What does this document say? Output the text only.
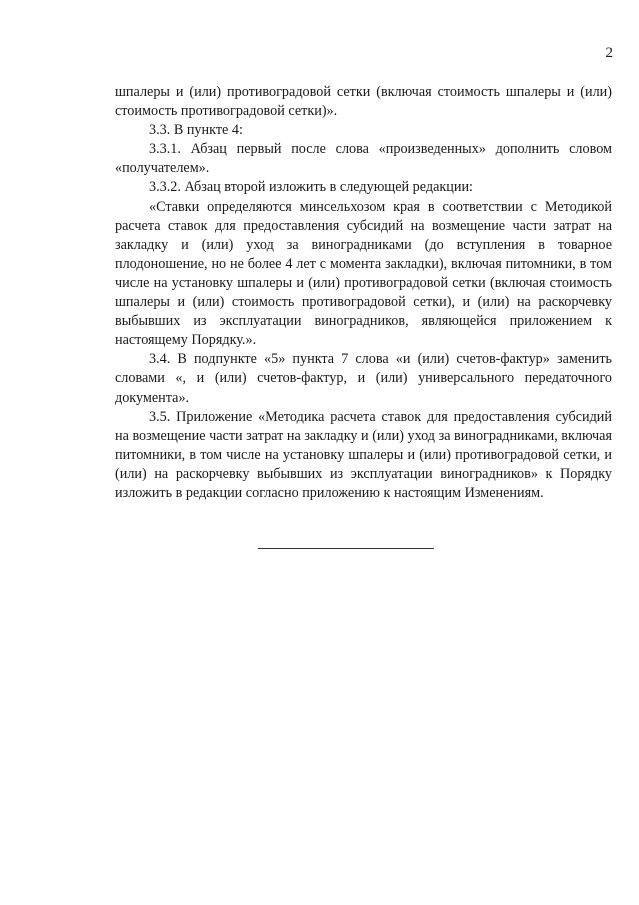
2

шпалеры и (или) противоградовой сетки (включая стоимость шпалеры и (или) стоимость противоградовой сетки)».

3.3. В пункте 4:

3.3.1. Абзац первый после слова «произведенных» дополнить словом «получателем».

3.3.2. Абзац второй изложить в следующей редакции:

«Ставки определяются минсельхозом края в соответствии с Методикой расчета ставок для предоставления субсидий на возмещение части затрат на закладку и (или) уход за виноградниками (до вступления в товарное плодоношение, но не более 4 лет с момента закладки), включая питомники, в том числе на установку шпалеры и (или) противоградовой сетки (включая стоимость шпалеры и (или) стоимость противоградовой сетки), и (или) на раскорчевку выбывших из эксплуатации виноградников, являющейся приложением к настоящему Порядку.».

3.4. В подпункте «5» пункта 7 слова «и (или) счетов-фактур» заменить словами «, и (или) счетов-фактур, и (или) универсального передаточного документа».

3.5. Приложение «Методика расчета ставок для предоставления субсидий на возмещение части затрат на закладку и (или) уход за виноградниками, включая питомники, в том числе на установку шпалеры и (или) противоградовой сетки, и (или) на раскорчевку выбывших из эксплуатации виноградников» к Порядку изложить в редакции согласно приложению к настоящим Изменениям.
